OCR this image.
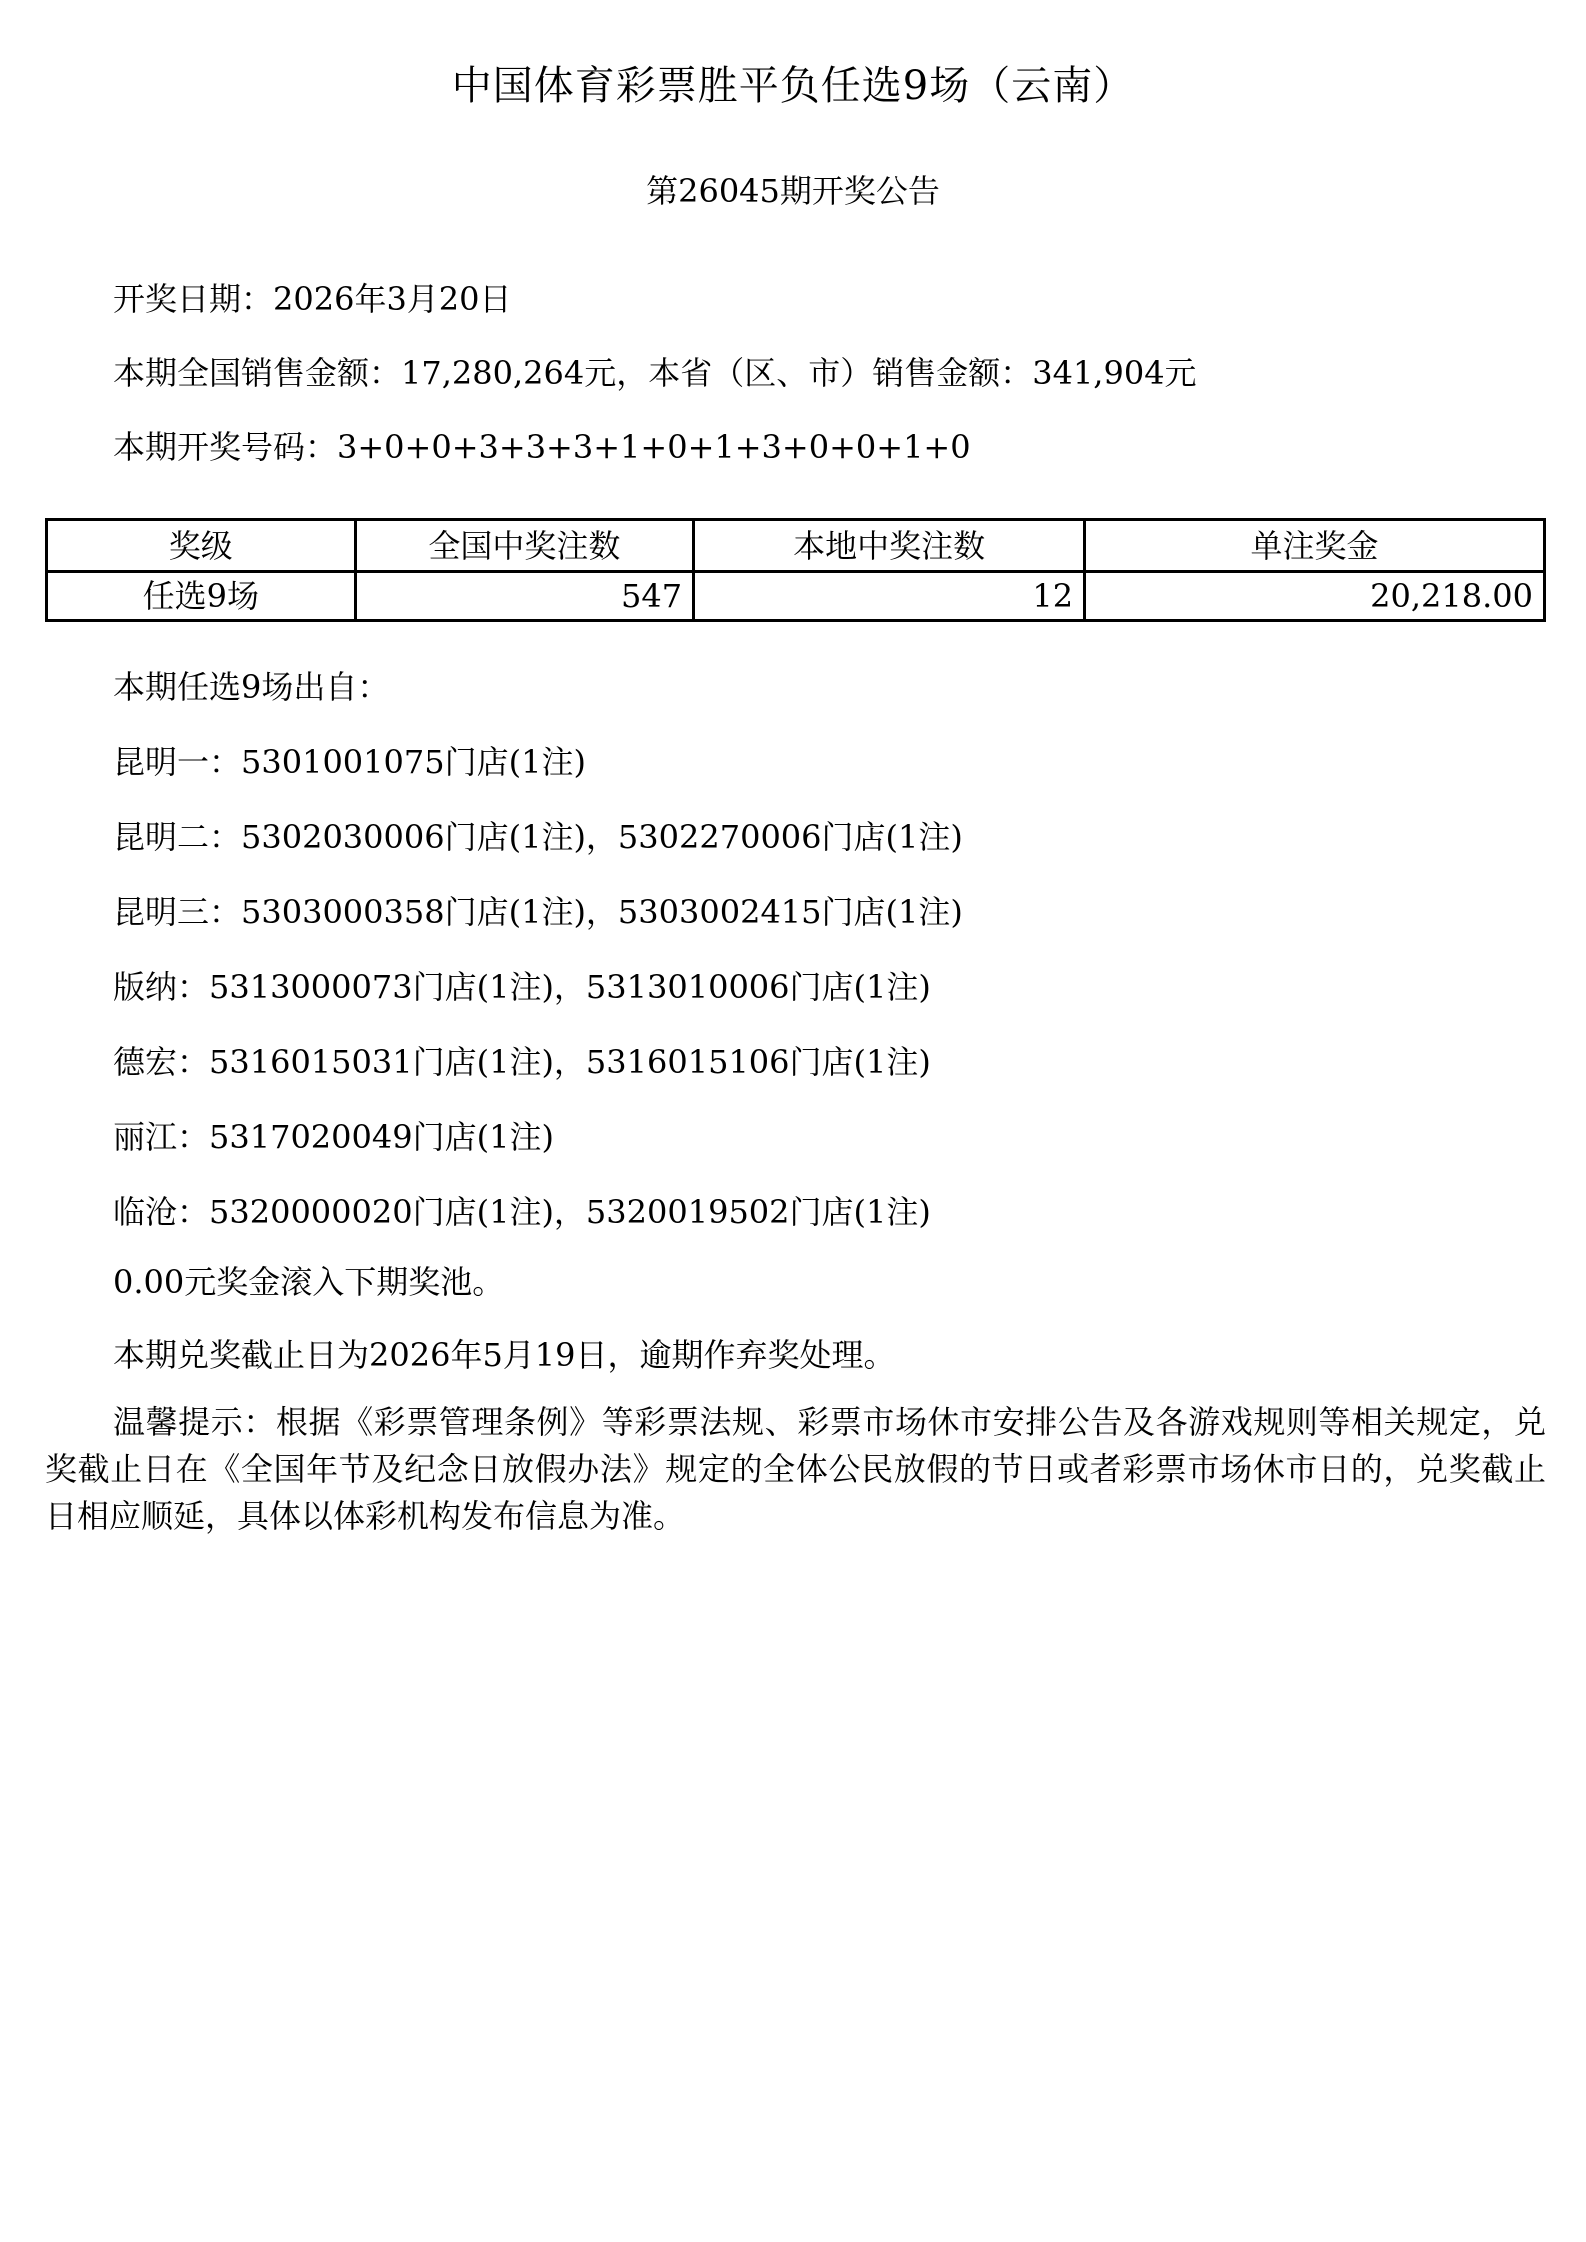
中国体育彩票胜平负任选9场（云南）
第26045期开奖公告

开奖日期：2026年3月20日

本期全国销售金额：17,280,264元，本省（区、市）销售金额：341,904元

本期开奖号码：3+0+0+3+3+3+1+0+1+3+0+0+1+0

奖级	全国中奖注数	本地中奖注数	单注奖金
任选9场	547	12	20,218.00

本期任选9场出自：

昆明一：5301001075门店(1注)

昆明二：5302030006门店(1注)，5302270006门店(1注)

昆明三：5303000358门店(1注)，5303002415门店(1注)

版纳：5313000073门店(1注)，5313010006门店(1注)

德宏：5316015031门店(1注)，5316015106门店(1注)

丽江：5317020049门店(1注)

临沧：5320000020门店(1注)，5320019502门店(1注)

0.00元奖金滚入下期奖池。

本期兑奖截止日为2026年5月19日，逾期作弃奖处理。

温馨提示：根据《彩票管理条例》等彩票法规、彩票市场休市安排公告及各游戏规则等相关规定，兑奖截止日在《全国年节及纪念日放假办法》规定的全体公民放假的节日或者彩票市场休市日的，兑奖截止日相应顺延，具体以体彩机构发布信息为准。
